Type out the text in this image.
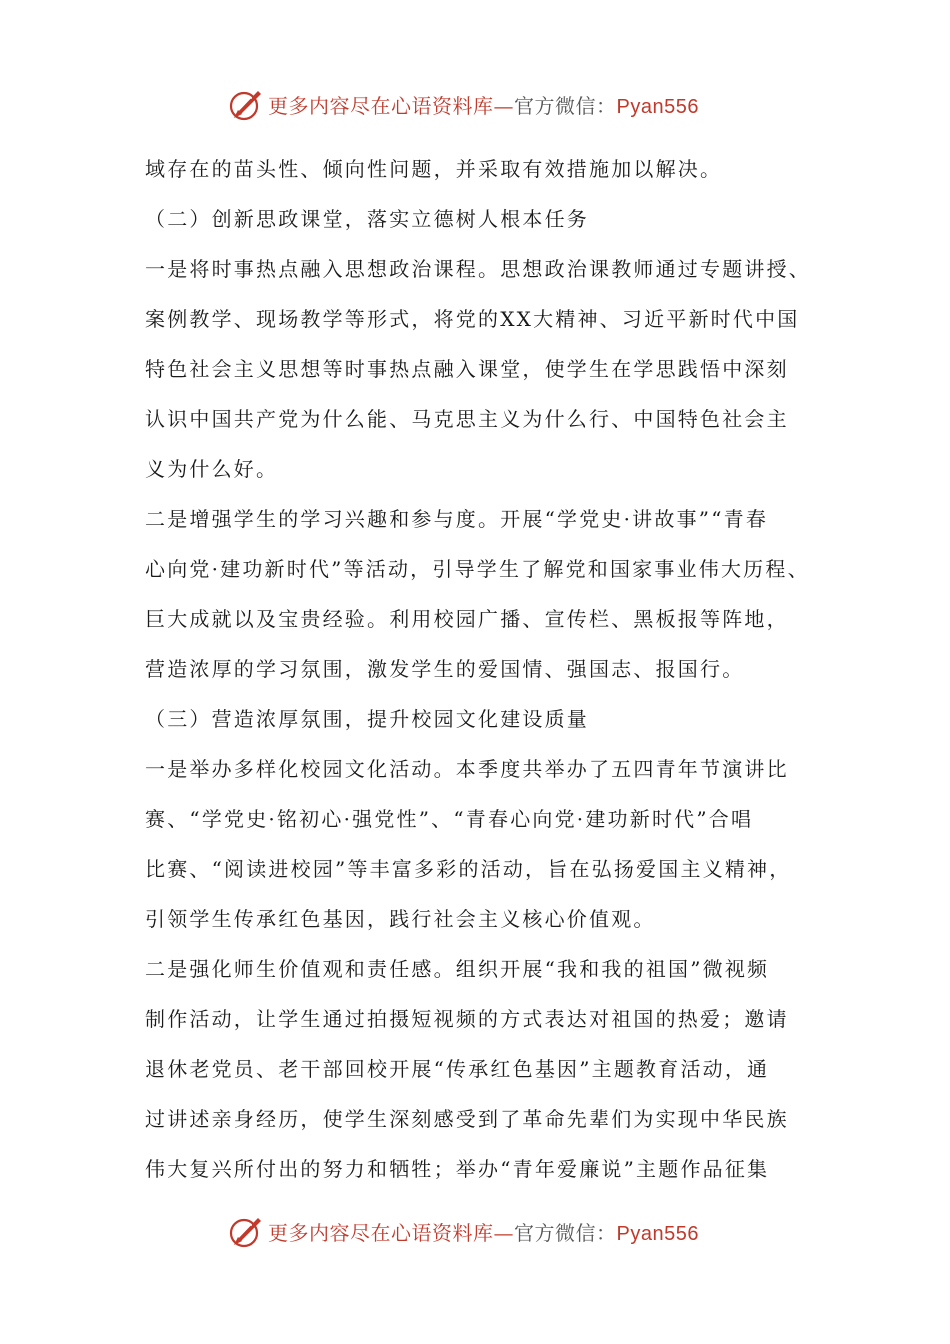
更多内容尽在心语资料库—官方微信：Pyan556
域存在的苗头性、倾向性问题，并采取有效措施加以解决。
（二）创新思政课堂，落实立德树人根本任务
一是将时事热点融入思想政治课程。思想政治课教师通过专题讲授、
案例教学、现场教学等形式，将党的XX大精神、习近平新时代中国
特色社会主义思想等时事热点融入课堂，使学生在学思践悟中深刻
认识中国共产党为什么能、马克思主义为什么行、中国特色社会主
义为什么好。
二是增强学生的学习兴趣和参与度。开展“学党史·讲故事”“青春
心向党·建功新时代”等活动，引导学生了解党和国家事业伟大历程、
巨大成就以及宝贵经验。利用校园广播、宣传栏、黑板报等阵地，
营造浓厚的学习氛围，激发学生的爱国情、强国志、报国行。
（三）营造浓厚氛围，提升校园文化建设质量
一是举办多样化校园文化活动。本季度共举办了五四青年节演讲比
赛、“学党史·铭初心·强党性”、“青春心向党·建功新时代”合唱
比赛、“阅读进校园”等丰富多彩的活动，旨在弘扬爱国主义精神，
引领学生传承红色基因，践行社会主义核心价值观。
二是强化师生价值观和责任感。组织开展“我和我的祖国”微视频
制作活动，让学生通过拍摄短视频的方式表达对祖国的热爱；邀请
退休老党员、老干部回校开展“传承红色基因”主题教育活动，通
过讲述亲身经历，使学生深刻感受到了革命先辈们为实现中华民族
伟大复兴所付出的努力和牺牲；举办“青年爱廉说”主题作品征集
更多内容尽在心语资料库—官方微信：Pyan556
